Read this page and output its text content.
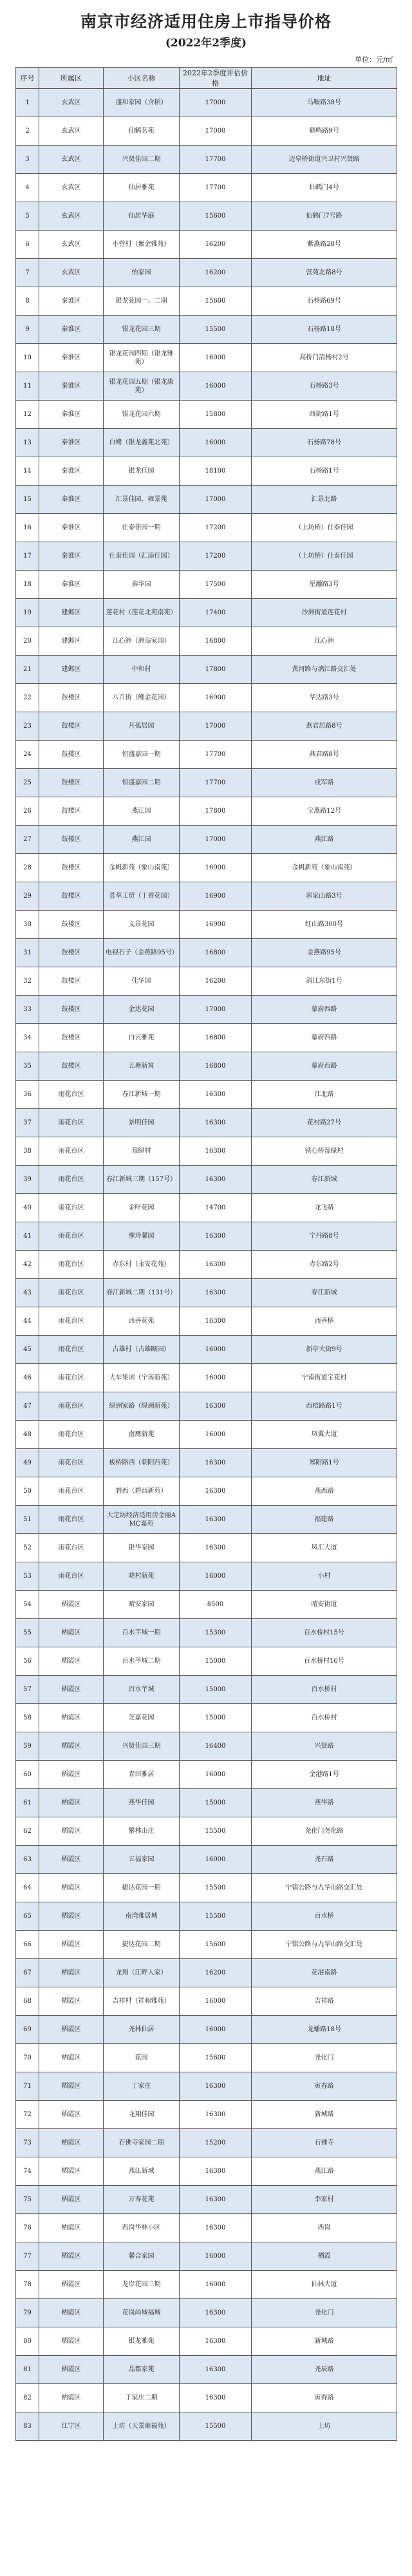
南京市经济适用住房上市指导价格
(2022年2季度)
单位：元/㎡
序号	所属区	小区名称	2022年2季度评估价格	地址
1	玄武区	盛和家园（含稻）	17000	马鞍路38号
2	玄武区	仙鹤茗苑	17000	鹤鸣路9号
3	玄武区	兴贤佳园二期	17700	迈皋桥街道兴卫村兴贤路
4	玄武区	仙居雅苑	17700	仙鹤门4号
5	玄武区	仙居华庭	15600	仙鹤门7号路
6	玄武区	小营村（紫金雅苑）	16200	紫燕路28号
7	玄武区	怡家园	16200	营苑北路8号
8	秦淮区	银龙花园一、二期	15600	石杨路69号
9	秦淮区	银龙花园三期	15500	石杨路18号
10	秦淮区	银龙花园四期（银龙雅苑）	16000	高桥门清杨村2号
11	秦淮区	银龙花园五期（银龙康苑）	16000	石杨路3号
12	秦淮区	银龙花园六期	15800	西街路1号
13	秦淮区	白鹭（银龙鑫苑北苑）	16000	石杨路78号
14	秦淮区	银龙佳园	18100	石杨路1号
15	秦淮区	汇景佳园、雍景苑	17000	汇景北路
16	秦淮区	仕泰佳园一期	17200	（上坊桥）仕泰佳园
17	秦淮区	仕泰佳园（汇添佳园）	17200	（上坊桥）仕泰佳园
18	秦淮区	秦华园	17500	星瀚路3号
19	建邺区	莲花村（莲花北苑南苑）	17400	沙洲街道莲花村
20	建邺区	江心洲（洲岛家园）	16800	江心洲
21	建邺区	中和村	17800	黄河路与漓江路交汇处
22	鼓楼区	八百街（鲤金花园）	16900	华达路3号
23	鼓楼区	月孤居园	17000	燕君居路8号
24	鼓楼区	恒盛嘉园一期	17700	燕君路8号
25	鼓楼区	恒盛嘉园二期	17700	戍军路
26	鼓楼区	燕江园	17800	宝燕路12号
27	鼓楼区	燕江园	17000	燕江路
28	鼓楼区	金帆新苑（象山南苑）	16900	金帆新苑（象山南苑）
29	鼓楼区	荟萃工贸（丁香花园）	16900	郭家山路3号
30	鼓楼区	文景花园	16900	红山路300号
31	鼓楼区	电视石子（金燕路95号）	16800	金燕路95号
32	鼓楼区	佳华园	16200	清江东街1号
33	鼓楼区	金达花园	17000	幕府西路
34	鼓楼区	白云雅苑	16800	幕府西路
35	鼓楼区	五塘新寓	16800	幕府西路
36	雨花台区	春江新城一期	16300	江北路
37	雨花台区	景明佳园	16300	花村路27号
38	雨花台区	莓绿村	16300	铁心桥莓绿村
39	雨花台区	春江新城三期（157号）	16300	春江新城
40	雨花台区	金叶花园	14700	龙飞路
41	雨花台区	摩玲馨园	16300	宁丹路8号
42	雨花台区	赤东村（永安花苑）	16300	赤东路2号
43	雨花台区	春江新城二期（131号）	16300	春江新城
44	雨花台区	西善花苑	16300	西善桥
45	雨花台区	古雄村（古雄颐园）	16000	新亭大街9号
46	雨花台区	大车集团（宁南新苑）	16000	宁南街道宝花村
47	雨花台区	绿洲家路（绿洲新苑）	16300	西梧路路1号
48	雨花台区	南鹰新苑	16000	凤翼大道
49	雨花台区	板桥路西（朝阳西苑）	16300	郑阳路1号
50	雨花台区	碧西（碧西新苑）	16300	燕西路
51	雨花台区	大定坊经济适用房金丽AMC嘉苑	16300	福建路
52	雨花台区	银华家园	16300	凤汇大道
53	雨花台区	晓村新苑	16000	小村
54	栖霞区	晴安家园	8500	晴安街道
55	栖霞区	百水芊城一期	15300	百水桥村15号
56	栖霞区	百水芊城二期	15000	百水桥村16号
57	栖霞区	百水芊城	15000	百水桥村
58	栖霞区	芝嘉花园	15000	百水桥村
59	栖霞区	兴贤佳园三期	16400	兴贤路
60	栖霞区	青田雅居	16000	金港路1号
61	栖霞区	燕华佳园	15000	燕华路
62	栖霞区	攀林山庄	15500	尧化门尧化路
63	栖霞区	五福家园	16000	尧石路
64	栖霞区	捷达花园一期	15500	宁镇公路与九华山路交汇处
65	栖霞区	南湾雅居城	15500	百水桥
66	栖霞区	捷达花园二期	15600	宁镇公路与九华山路交汇处
67	栖霞区	龙翔（江畔人家）	16200	花港南路
68	栖霞区	吉祥村（祥和雅苑）	16000	吉祥路
69	栖霞区	尧林仙居	16000	龙蟠路18号
70	栖霞区	花园	15600	尧化门
71	栖霞区	丁家庄	16300	寅春路
72	栖霞区	龙翔佳园	16300	新城路
73	栖霞区	石佛寺家园二期	15200	石佛寺
74	栖霞区	燕江新城	16300	燕江路
75	栖霞区	万寿花苑	16300	李家村
76	栖霞区	西岗华林小区	16300	西岗
77	栖霞区	馨合家园	16000	栖霞
78	栖霞区	龙岸花园三期	16000	仙林大道
79	栖霞区	花岗尚城福城	16300	尧化门
80	栖霞区	银龙雅苑	16300	新城路
81	栖霞区	晶都家苑	16300	尧辰路
82	栖霞区	丁家庄二期	16300	寅春路
83	江宁区	上坊（天景雍福苑）	15500	上坊
